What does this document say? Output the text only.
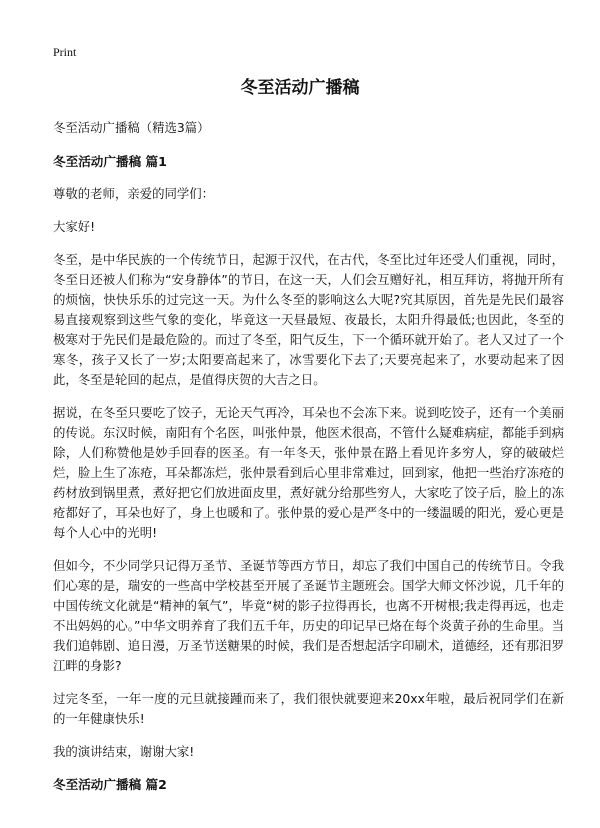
Print
冬至活动广播稿

冬至活动广播稿（精选3篇）

冬至活动广播稿 篇1

尊敬的老师，亲爱的同学们：

大家好!

冬至，是中华民族的一个传统节日，起源于汉代，在古代，冬至比过年还受人们重视，同时，冬至日还被人们称为“安身静体”的节日，在这一天，人们会互赠好礼，相互拜访，将抛开所有的烦恼，快快乐乐的过完这一天。为什么冬至的影响这么大呢?究其原因，首先是先民们最容易直接观察到这些气象的变化，毕竟这一天昼最短、夜最长，太阳升得最低;也因此，冬至的极寒对于先民们是最危险的。而过了冬至，阳气反生，下一个循环就开始了。老人又过了一个寒冬，孩子又长了一岁;太阳要高起来了，冰雪要化下去了;天要亮起来了，水要动起来了因此，冬至是轮回的起点，是值得庆贺的大吉之日。

据说，在冬至只要吃了饺子，无论天气再冷，耳朵也不会冻下来。说到吃饺子，还有一个美丽的传说。东汉时候，南阳有个名医，叫张仲景，他医术很高，不管什么疑难病症，都能手到病除，人们称赞他是妙手回春的医圣。有一年冬天，张仲景在路上看见许多穷人，穿的破破烂烂，脸上生了冻疮，耳朵都冻烂，张仲景看到后心里非常难过，回到家，他把一些治疗冻疮的药材放到锅里煮，煮好把它们放进面皮里，煮好就分给那些穷人，大家吃了饺子后，脸上的冻疮都好了，耳朵也好了，身上也暖和了。张仲景的爱心是严冬中的一缕温暖的阳光，爱心更是每个人心中的光明!

但如今，不少同学只记得万圣节、圣诞节等西方节日，却忘了我们中国自己的传统节日。令我们心寒的是，瑞安的一些高中学校甚至开展了圣诞节主题班会。国学大师文怀沙说，几千年的中国传统文化就是“精神的氧气”，毕竟“树的影子拉得再长，也离不开树根;我走得再远，也走不出妈妈的心。”中华文明养育了我们五千年，历史的印记早已烙在每个炎黄子孙的生命里。当我们追韩剧、追日漫，万圣节送糖果的时候，我们是否想起活字印刷术，道德经，还有那汨罗江畔的身影?

过完冬至，一年一度的元旦就接踵而来了，我们很快就要迎来20xx年啦，最后祝同学们在新的一年健康快乐!

我的演讲结束，谢谢大家!

冬至活动广播稿 篇2
